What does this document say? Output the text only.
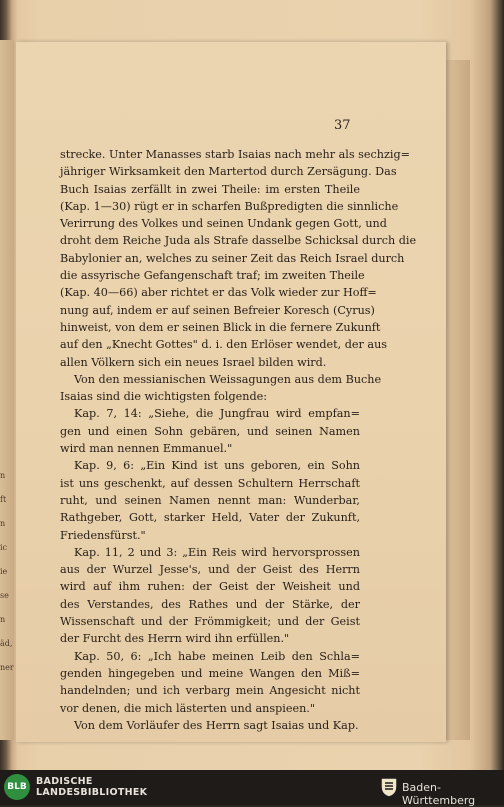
n
ft
n
ic
ie
se
n
äd,
ner
37
strecke. Unter Manasses starb Isaias nach mehr als sechzig=
jähriger Wirksamkeit den Martertod durch Zersägung. Das
Buch Isaias zerfällt in zwei Theile: im ersten Theile
(Kap. 1—30) rügt er in scharfen Bußpredigten die sinnliche
Verirrung des Volkes und seinen Undank gegen Gott, und
droht dem Reiche Juda als Strafe dasselbe Schicksal durch die
Babylonier an, welches zu seiner Zeit das Reich Israel durch
die assyrische Gefangenschaft traf; im zweiten Theile
(Kap. 40—66) aber richtet er das Volk wieder zur Hoff=
nung auf, indem er auf seinen Befreier Koresch (Cyrus)
hinweist, von dem er seinen Blick in die fernere Zukunft
auf den „Knecht Gottes" d. i. den Erlöser wendet, der aus
allen Völkern sich ein neues Israel bilden wird.
Von den messianischen Weissagungen aus dem Buche
Isaias sind die wichtigsten folgende:
Kap. 7, 14: „Siehe, die Jungfrau wird empfan=
gen und einen Sohn gebären, und seinen Namen
wird man nennen Emmanuel."
Kap. 9, 6: „Ein Kind ist uns geboren, ein Sohn
ist uns geschenkt, auf dessen Schultern Herrschaft
ruht, und seinen Namen nennt man: Wunderbar,
Rathgeber, Gott, starker Held, Vater der Zukunft,
Friedensfürst."
Kap. 11, 2 und 3: „Ein Reis wird hervorsprossen
aus der Wurzel Jesse's, und der Geist des Herrn
wird auf ihm ruhen: der Geist der Weisheit und
des Verstandes, des Rathes und der Stärke, der
Wissenschaft und der Frömmigkeit; und der Geist
der Furcht des Herrn wird ihn erfüllen."
Kap. 50, 6: „Ich habe meinen Leib den Schla=
genden hingegeben und meine Wangen den Miß=
handelnden; und ich verbarg mein Angesicht nicht
vor denen, die mich lästerten und anspieen."
Von dem Vorläufer des Herrn sagt Isaias und Kap.
BLB BADISCHE
LANDESBIBLIOTHEK	Baden-Württemberg
